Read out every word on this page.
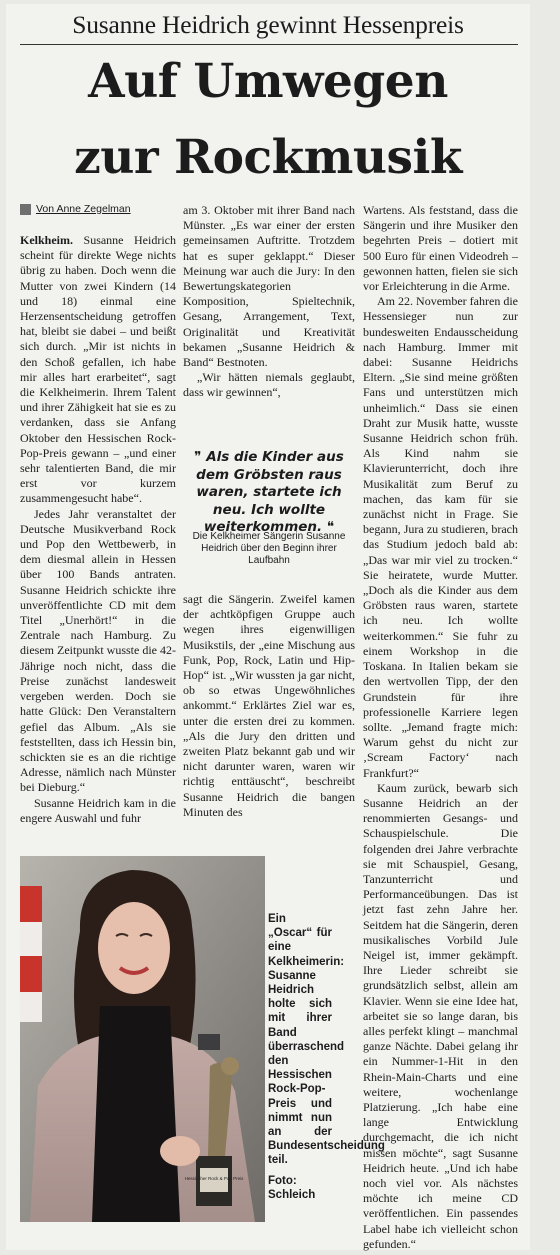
Susanne Heidrich gewinnt Hessenpreis
Auf Umwegen
zur Rockmusik
Von Anne Zegelman

Kelkheim. Susanne Heidrich scheint für direkte Wege nichts übrig zu haben. Doch wenn die Mutter von zwei Kindern (14 und 18) einmal eine Herzensentscheidung getroffen hat, bleibt sie dabei – und beißt sich durch. „Mir ist nichts in den Schoß gefallen, ich habe mir alles hart erarbeitet“, sagt die Kelkheimerin. Ihrem Talent und ihrer Zähigkeit hat sie es zu verdanken, dass sie Anfang Oktober den Hessischen Rock-Pop-Preis gewann – „und einer sehr talentierten Band, die mir erst vor kurzem zusammengesucht habe“.

Jedes Jahr veranstaltet der Deutsche Musikverband Rock und Pop den Wettbewerb, in dem diesmal allein in Hessen über 100 Bands antraten. Susanne Heidrich schickte ihre unveröffentlichte CD mit dem Titel „Unerhört!“ in die Zentrale nach Hamburg. Zu diesem Zeitpunkt wusste die 42-Jährige noch nicht, dass die Preise zunächst landesweit vergeben werden. Doch sie hatte Glück: Den Veranstaltern gefiel das Album. „Als sie feststellten, dass ich Hessin bin, schickten sie es an die richtige Adresse, nämlich nach Münster bei Dieburg.“

Susanne Heidrich kam in die engere Auswahl und fuhr

am 3. Oktober mit ihrer Band nach Münster. „Es war einer der ersten gemeinsamen Auftritte. Trotzdem hat es super geklappt.“ Dieser Meinung war auch die Jury: In den Bewertungskategorien Komposition, Spieltechnik, Gesang, Arrangement, Text, Originalität und Kreativität bekamen „Susanne Heidrich & Band“ Bestnoten.

„Wir hätten niemals geglaubt, dass wir gewinnen“,

❞ Als die Kinder aus dem Gröbsten raus waren, startete ich neu. Ich wollte weiterkommen. ❝
Die Kelkheimer Sängerin Susanne Heidrich über den Beginn ihrer Laufbahn

sagt die Sängerin. Zweifel kamen der achtköpfigen Gruppe auch wegen ihres eigenwilligen Musikstils, der „eine Mischung aus Funk, Pop, Rock, Latin und Hip-Hop“ ist. „Wir wussten ja gar nicht, ob so etwas Ungewöhnliches ankommt.“ Erklärtes Ziel war es, unter die ersten drei zu kommen. „Als die Jury den dritten und zweiten Platz bekannt gab und wir nicht darunter waren, waren wir richtig enttäuscht“, beschreibt Susanne Heidrich die bangen Minuten des

Wartens. Als feststand, dass die Sängerin und ihre Musiker den begehrten Preis – dotiert mit 500 Euro für einen Videodreh – gewonnen hatten, fielen sie sich vor Erleichterung in die Arme.

Am 22. November fahren die Hessensieger nun zur bundesweiten Endausscheidung nach Hamburg. Immer mit dabei: Susanne Heidrichs Eltern. „Sie sind meine größten Fans und unterstützen mich unheimlich.“ Dass sie einen Draht zur Musik hatte, wusste Susanne Heidrich schon früh. Als Kind nahm sie Klavierunterricht, doch ihre Musikalität zum Beruf zu machen, das kam für sie zunächst nicht in Frage. Sie begann, Jura zu studieren, brach das Studium jedoch bald ab: „Das war mir viel zu trocken.“ Sie heiratete, wurde Mutter. „Doch als die Kinder aus dem Gröbsten raus waren, startete ich neu. Ich wollte weiterkommen.“ Sie fuhr zu einem Workshop in die Toskana. In Italien bekam sie den wertvollen Tipp, der den Grundstein für ihre professionelle Karriere legen sollte. „Jemand fragte mich: Warum gehst du nicht zur ‚Scream Factory‘ nach Frankfurt?“

Kaum zurück, bewarb sich Susanne Heidrich an der renommierten Gesangs- und Schauspielschule. Die folgenden drei Jahre verbrachte sie mit Schauspiel, Gesang, Tanzunterricht und Performanceübungen. Das ist jetzt fast zehn Jahre her. Seitdem hat die Sängerin, deren musikalisches Vorbild Jule Neigel ist, immer gekämpft. Ihre Lieder schreibt sie grundsätzlich selbst, allein am Klavier. Wenn sie eine Idee hat, arbeitet sie so lange daran, bis alles perfekt klingt – manchmal ganze Nächte. Dabei gelang ihr ein Nummer-1-Hit in den Rhein-Main-Charts und eine weitere, wochenlange Platzierung. „Ich habe eine lange Entwicklung durchgemacht, die ich nicht missen möchte“, sagt Susanne Heidrich heute. „Und ich habe noch viel vor. Als nächstes möchte ich meine CD veröffentlichen. Ein passendes Label habe ich vielleicht schon gefunden.“

Hessischer Rock & Pop Preis
Ein „Oscar“ für eine Kelkheimerin: Susanne Heidrich holte sich mit ihrer Band überraschend den Hessischen Rock-Pop-Preis und nimmt nun an der Bundesentscheidung teil.
Foto: Schleich
